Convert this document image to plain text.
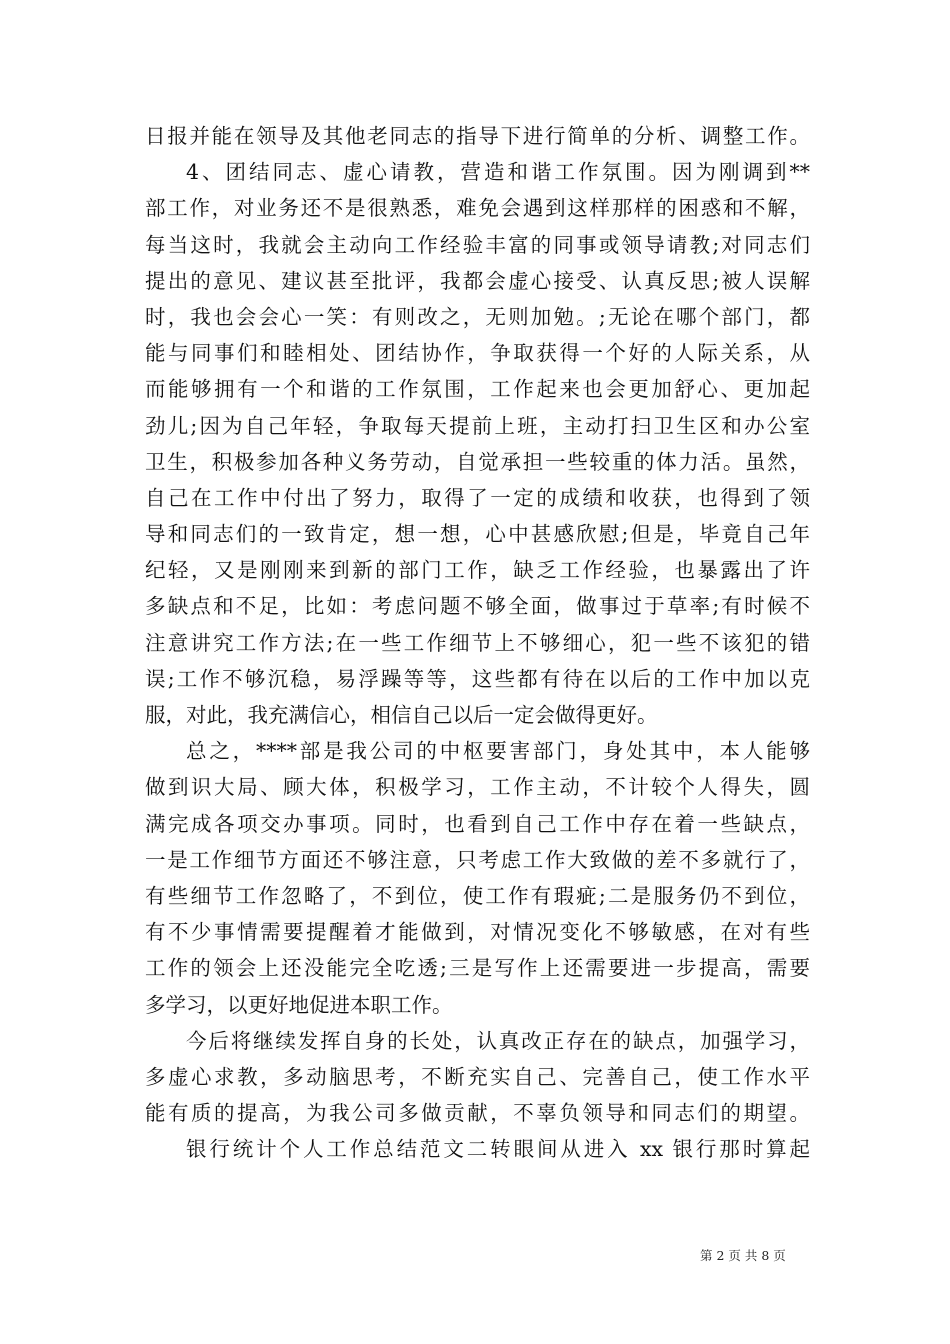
日报并能在领导及其他老同志的指导下进行简单的分析、调整工作。
4、团结同志、虚心请教，营造和谐工作氛围。因为刚调到**
部工作，对业务还不是很熟悉，难免会遇到这样那样的困惑和不解，
每当这时，我就会主动向工作经验丰富的同事或领导请教;对同志们
提出的意见、建议甚至批评，我都会虚心接受、认真反思;被人误解
时，我也会会心一笑：有则改之，无则加勉。;无论在哪个部门，都
能与同事们和睦相处、团结协作，争取获得一个好的人际关系，从
而能够拥有一个和谐的工作氛围，工作起来也会更加舒心、更加起
劲儿;因为自己年轻，争取每天提前上班，主动打扫卫生区和办公室
卫生，积极参加各种义务劳动，自觉承担一些较重的体力活。虽然，
自己在工作中付出了努力，取得了一定的成绩和收获，也得到了领
导和同志们的一致肯定，想一想，心中甚感欣慰;但是，毕竟自己年
纪轻，又是刚刚来到新的部门工作，缺乏工作经验，也暴露出了许
多缺点和不足，比如：考虑问题不够全面，做事过于草率;有时候不
注意讲究工作方法;在一些工作细节上不够细心，犯一些不该犯的错
误;工作不够沉稳，易浮躁等等，这些都有待在以后的工作中加以克
服，对此，我充满信心，相信自己以后一定会做得更好。
总之，****部是我公司的中枢要害部门，身处其中，本人能够
做到识大局、顾大体，积极学习，工作主动，不计较个人得失，圆
满完成各项交办事项。同时，也看到自己工作中存在着一些缺点，
一是工作细节方面还不够注意，只考虑工作大致做的差不多就行了，
有些细节工作忽略了，不到位，使工作有瑕疵;二是服务仍不到位，
有不少事情需要提醒着才能做到，对情况变化不够敏感，在对有些
工作的领会上还没能完全吃透;三是写作上还需要进一步提高，需要
多学习，以更好地促进本职工作。
今后将继续发挥自身的长处，认真改正存在的缺点，加强学习，
多虚心求教，多动脑思考，不断充实自己、完善自己，使工作水平
能有质的提高，为我公司多做贡献，不辜负领导和同志们的期望。
银行统计个人工作总结范文二转眼间从进入 xx 银行那时算起
第 2 页 共 8 页
